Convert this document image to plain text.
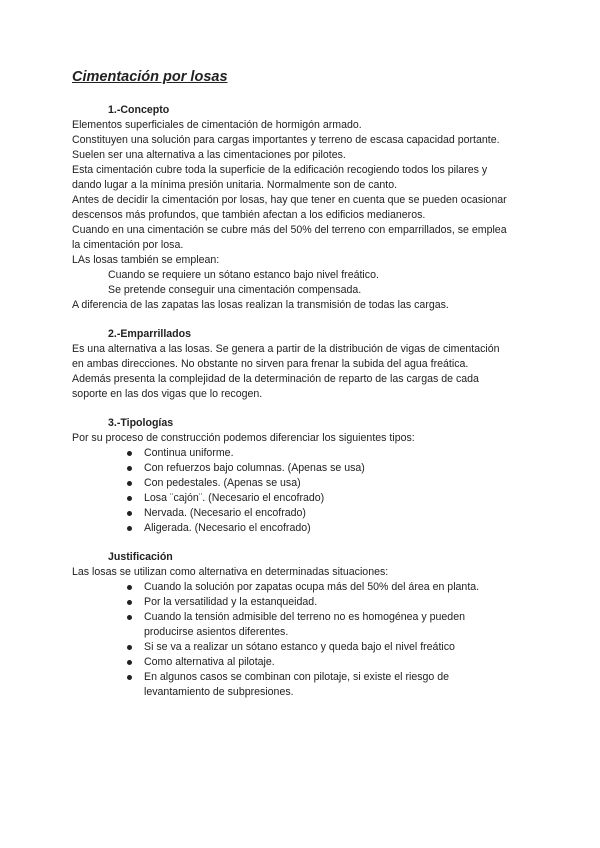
Cimentación por losas
1.-Concepto

Elementos superficiales de cimentación de hormigón armado.

Constituyen una solución para cargas importantes y terreno de escasa capacidad portante.

Suelen ser una alternativa a las cimentaciones por pilotes.

Esta cimentación cubre toda la superficie de la edificación recogiendo todos los pilares y

dando lugar a la mínima presión unitaria. Normalmente son de canto.

Antes de decidir la cimentación por losas, hay que tener en cuenta que se pueden ocasionar

descensos más profundos, que también afectan a los edificios medianeros.

Cuando en una cimentación se cubre más del 50% del terreno con emparrillados, se emplea

la cimentación por losa.

LAs losas también se emplean:

Cuando se requiere un sótano estanco bajo nivel freático.

Se pretende conseguir una cimentación compensada.

A diferencia de las zapatas las losas realizan la transmisión de todas las cargas.

2.-Emparrillados

Es una alternativa a las losas. Se genera a partir de la distribución de vigas de cimentación

en ambas direcciones. No obstante no sirven para frenar la subida del agua freática.

Además presenta la complejidad de la determinación de reparto de las cargas de cada

soporte en las dos vigas que lo recogen.

3.-Tipologías

Por su proceso de construcción podemos diferenciar los siguientes tipos:

Continua uniforme.
Con refuerzos bajo columnas. (Apenas se usa)
Con pedestales. (Apenas se usa)
Losa ¨cajón¨. (Necesario el encofrado)
Nervada. (Necesario el encofrado)
Aligerada. (Necesario el encofrado)
Justificación

Las losas se utilizan como alternativa en determinadas situaciones:

Cuando la solución por zapatas ocupa más del 50% del área en planta.
Por la versatilidad y la estanqueidad.
Cuando la tensión admisible del terreno no es homogénea y pueden producirse asientos diferentes.
Si se va a realizar un sótano estanco y queda bajo el nivel freático
Como alternativa al pilotaje.
En algunos casos se combinan con pilotaje, si existe el riesgo de levantamiento de subpresiones.
